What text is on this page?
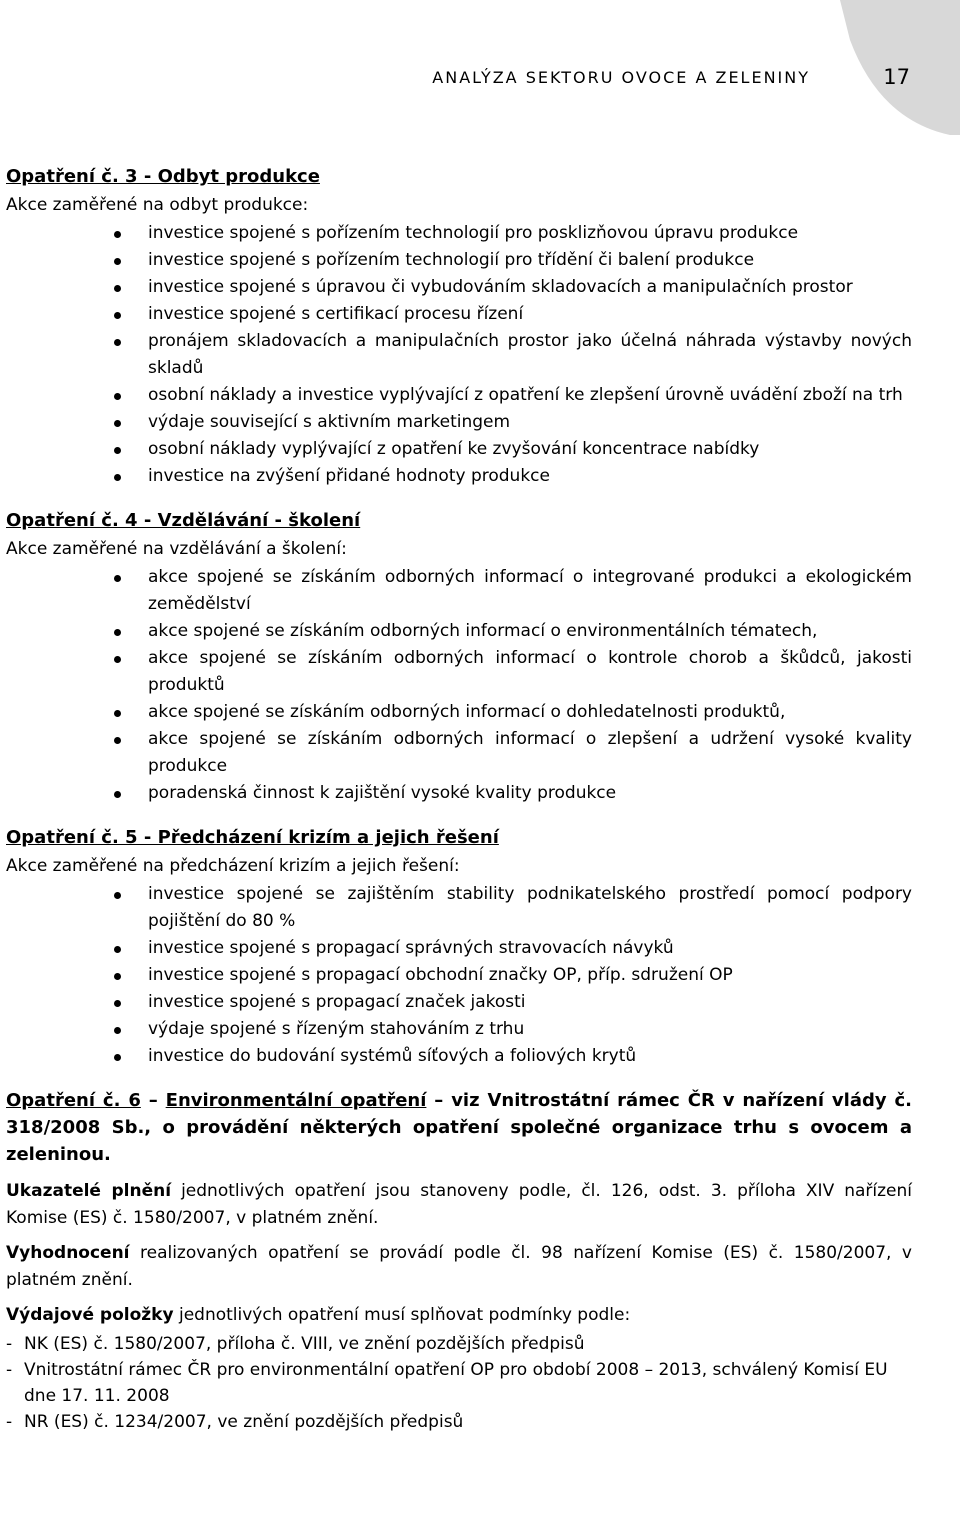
ANALÝZA SEKTORU OVOCE A ZELENINY	17

Opatření č. 3 - Odbyt produkce

Akce zaměřené na odbyt produkce:

investice spojené s pořízením technologií pro posklizňovou úpravu produkce
investice spojené s pořízením technologií pro třídění či balení produkce
investice spojené s úpravou či vybudováním skladovacích a manipulačních prostor
investice spojené s certifikací procesu řízení
pronájem skladovacích a manipulačních prostor jako účelná náhrada výstavby nových skladů
osobní náklady a investice vyplývající z opatření ke zlepšení úrovně uvádění zboží na trh
výdaje související s aktivním marketingem
osobní náklady vyplývající z opatření ke zvyšování koncentrace nabídky
investice na zvýšení přidané hodnoty produkce

Opatření č. 4 - Vzdělávání - školení

Akce zaměřené na vzdělávání a školení:

akce spojené se získáním odborných informací o integrované produkci a ekologickém zemědělství
akce spojené se získáním odborných informací o environmentálních tématech,
akce spojené se získáním odborných informací o kontrole chorob a škůdců, jakosti produktů
akce spojené se získáním odborných informací o dohledatelnosti produktů,
akce spojené se získáním odborných informací o zlepšení a udržení vysoké kvality produkce
poradenská činnost k zajištění vysoké kvality produkce

Opatření č. 5 - Předcházení krizím a jejich řešení

Akce zaměřené na předcházení krizím a jejich řešení:

investice spojené se zajištěním stability podnikatelského prostředí pomocí podpory pojištění do 80 %
investice spojené s propagací správných stravovacích návyků
investice spojené s propagací obchodní značky OP, příp. sdružení OP
investice spojené s propagací značek jakosti
výdaje spojené s řízeným stahováním z trhu
investice do budování systémů síťových a foliových krytů

Opatření č. 6 – Environmentální opatření – viz Vnitrostátní rámec ČR v nařízení vlády č. 318/2008 Sb., o provádění některých opatření společné organizace trhu s ovocem a zeleninou.

Ukazatelé plnění jednotlivých opatření jsou stanoveny podle, čl. 126, odst. 3. příloha XIV nařízení Komise (ES) č. 1580/2007, v platném znění.

Vyhodnocení realizovaných opatření se provádí podle čl. 98 nařízení Komise (ES) č. 1580/2007, v platném znění.

Výdajové položky jednotlivých opatření musí splňovat podmínky podle:

- NK (ES) č. 1580/2007, příloha č. VIII, ve znění pozdějších předpisů
- Vnitrostátní rámec ČR pro environmentální opatření OP pro období 2008 – 2013, schválený Komisí EU dne 17. 11. 2008
- NR (ES) č. 1234/2007, ve znění pozdějších předpisů
